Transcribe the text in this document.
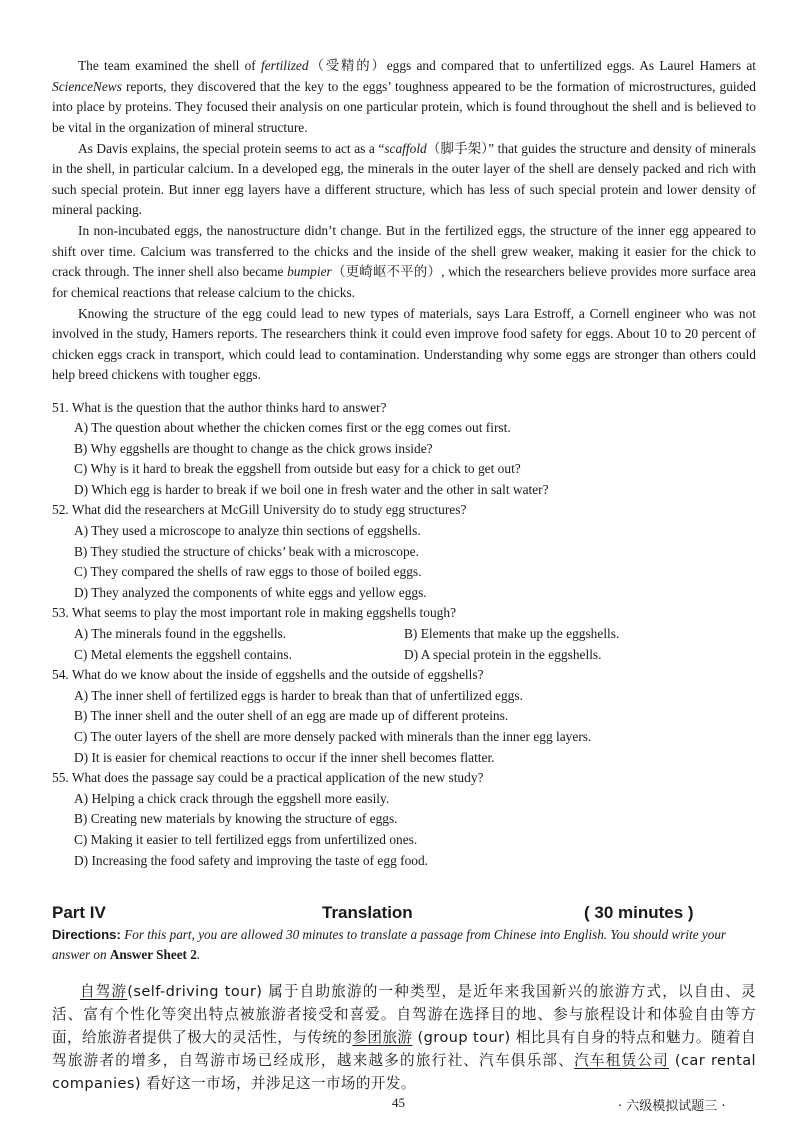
The team examined the shell of fertilized（受精的）eggs and compared that to unfertilized eggs. As Laurel Hamers at ScienceNews reports, they discovered that the key to the eggs’ toughness appeared to be the formation of microstructures, guided into place by proteins. They focused their analysis on one particular protein, which is found throughout the shell and is believed to be vital in the organization of mineral structure.

As Davis explains, the special protein seems to act as a “scaffold（脚手架）” that guides the structure and density of minerals in the shell, in particular calcium. In a developed egg, the minerals in the outer layer of the shell are densely packed and rich with such special protein. But inner egg layers have a different structure, which has less of such special protein and lower density of mineral packing.

In non-incubated eggs, the nanostructure didn’t change. But in the fertilized eggs, the structure of the inner egg appeared to shift over time. Calcium was transferred to the chicks and the inside of the shell grew weaker, making it easier for the chick to crack through. The inner shell also became bumpier（更崎岖不平的）, which the researchers believe provides more surface area for chemical reactions that release calcium to the chicks.

Knowing the structure of the egg could lead to new types of materials, says Lara Estroff, a Cornell engineer who was not involved in the study, Hamers reports. The researchers think it could even improve food safety for eggs. About 10 to 20 percent of chicken eggs crack in transport, which could lead to contamination. Understanding why some eggs are stronger than others could help breed chickens with tougher eggs.

51. What is the question that the author thinks hard to answer?

A) The question about whether the chicken comes first or the egg comes out first.

B) Why eggshells are thought to change as the chick grows inside?

C) Why is it hard to break the eggshell from outside but easy for a chick to get out?

D) Which egg is harder to break if we boil one in fresh water and the other in salt water?

52. What did the researchers at McGill University do to study egg structures?

A) They used a microscope to analyze thin sections of eggshells.

B) They studied the structure of chicks’ beak with a microscope.

C) They compared the shells of raw eggs to those of boiled eggs.

D) They analyzed the components of white eggs and yellow eggs.

53. What seems to play the most important role in making eggshells tough?

A) The minerals found in the eggshells.	B) Elements that make up the eggshells.

C) Metal elements the eggshell contains.	D) A special protein in the eggshells.

54. What do we know about the inside of eggshells and the outside of eggshells?

A) The inner shell of fertilized eggs is harder to break than that of unfertilized eggs.

B) The inner shell and the outer shell of an egg are made up of different proteins.

C) The outer layers of the shell are more densely packed with minerals than the inner egg layers.

D) It is easier for chemical reactions to occur if the inner shell becomes flatter.

55. What does the passage say could be a practical application of the new study?

A) Helping a chick crack through the eggshell more easily.

B) Creating new materials by knowing the structure of eggs.

C) Making it easier to tell fertilized eggs from unfertilized ones.

D) Increasing the food safety and improving the taste of egg food.

Part IV	Translation	( 30 minutes )

Directions: For this part, you are allowed 30 minutes to translate a passage from Chinese into English. You should write your answer on Answer Sheet 2.

自驾游(self-driving tour) 属于自助旅游的一种类型，是近年来我国新兴的旅游方式，以自由、灵活、富有个性化等突出特点被旅游者接受和喜爱。自驾游在选择目的地、参与旅程设计和体验自由等方面，给旅游者提供了极大的灵活性，与传统的参团旅游 (group tour) 相比具有自身的特点和魅力。随着自驾旅游者的增多，自驾游市场已经成形，越来越多的旅行社、汽车俱乐部、汽车租赁公司 (car rental companies) 看好这一市场，并涉足这一市场的开发。

45	· 六级模拟试题三 ·
